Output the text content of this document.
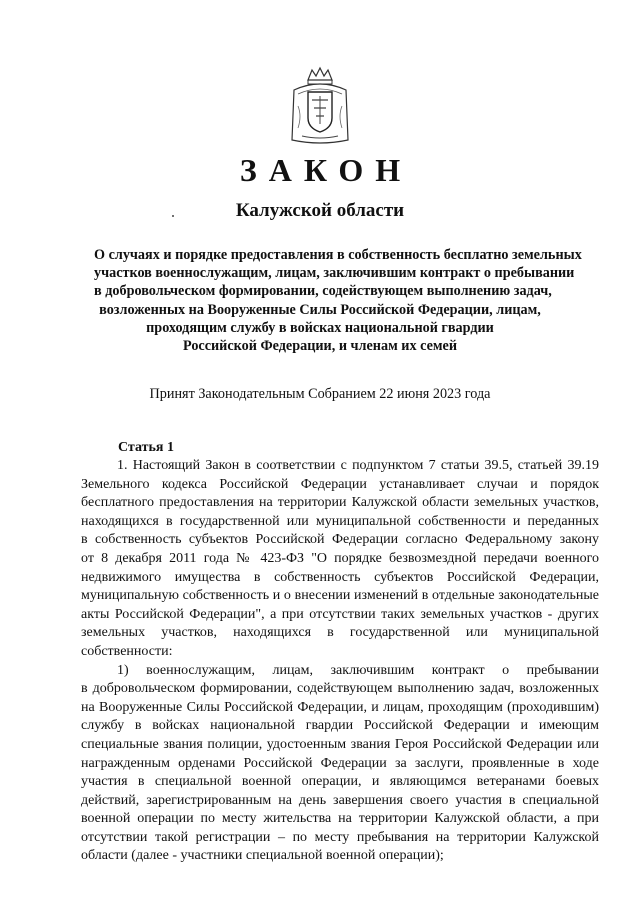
ЗАКОН
Калужской области
О случаях и порядке предоставления в собственность бесплатно земельных
участков военнослужащим, лицам, заключившим контракт о пребывании
в добровольческом формировании, содействующем выполнению задач,
возложенных на Вооруженные Силы Российской Федерации, лицам,
проходящим службу в войсках национальной гвардии
Российской Федерации, и членам их семей
Принят Законодательным Собранием 22 июня 2023 года
Статья 1
1. Настоящий Закон в соответствии с подпунктом 7 статьи 39.5, статьей 39.19
Земельного кодекса Российской Федерации устанавливает случаи и порядок
бесплатного предоставления на территории Калужской области земельных участков,
находящихся в государственной или муниципальной собственности и переданных
в собственность субъектов Российской Федерации согласно Федеральному закону
от 8 декабря 2011 года № 423-ФЗ "О порядке безвозмездной передачи военного
недвижимого имущества в собственность субъектов Российской Федерации,
муниципальную собственность и о внесении изменений в отдельные законодательные
акты Российской Федерации", а при отсутствии таких земельных участков - других
земельных участков, находящихся в государственной или муниципальной
собственности:
1) военнослужащим, лицам, заключившим контракт о пребывании
в добровольческом формировании, содействующем выполнению задач, возложенных
на Вооруженные Силы Российской Федерации, и лицам, проходящим (проходившим)
службу в войсках национальной гвардии Российской Федерации и имеющим
специальные звания полиции, удостоенным звания Героя Российской Федерации или
награжденным орденами Российской Федерации за заслуги, проявленные в ходе
участия в специальной военной операции, и являющимся ветеранами боевых
действий, зарегистрированным на день завершения своего участия в специальной
военной операции по месту жительства на территории Калужской области, а при
отсутствии такой регистрации – по месту пребывания на территории Калужской
области (далее - участники специальной военной операции);
